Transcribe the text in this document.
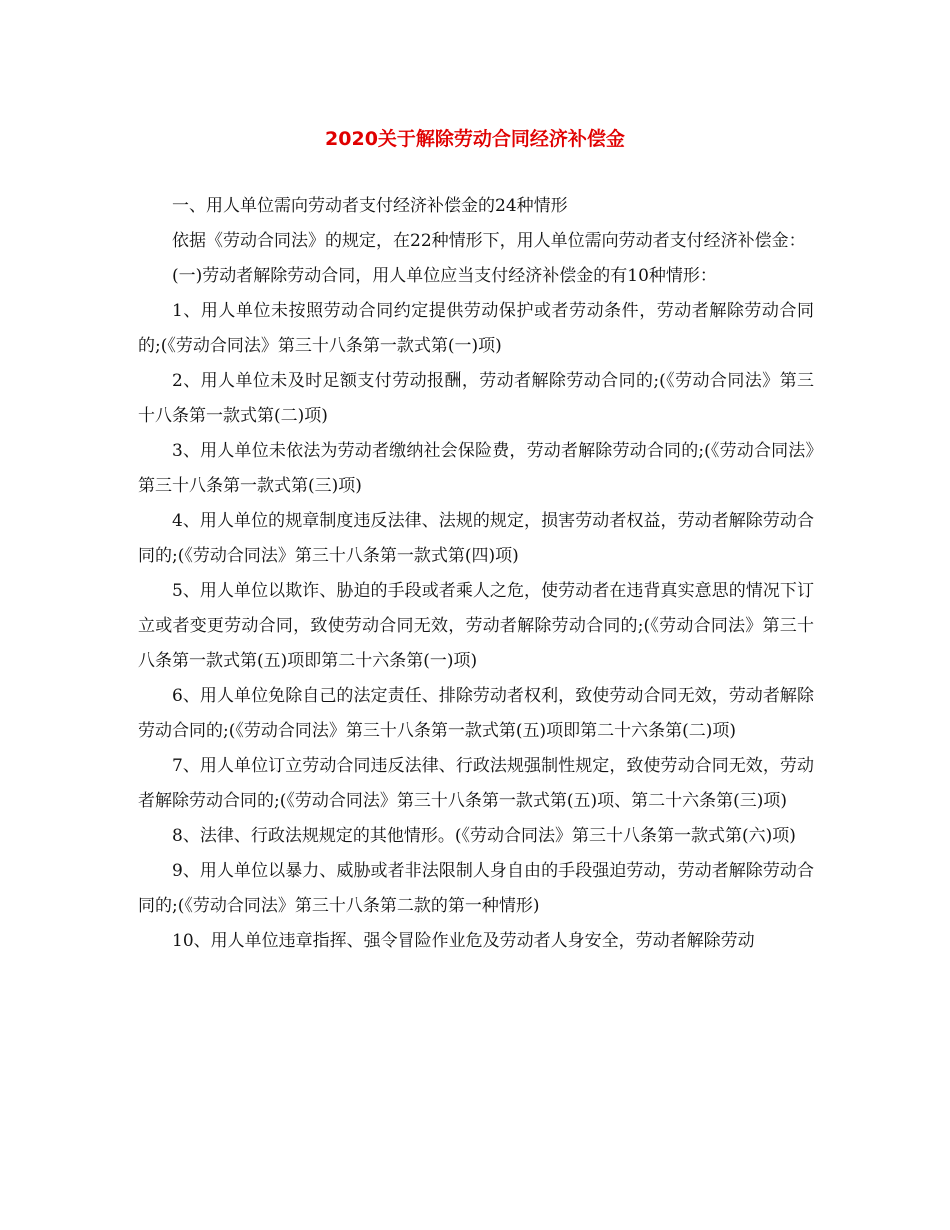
2020关于解除劳动合同经济补偿金

一、用人单位需向劳动者支付经济补偿金的24种情形

依据《劳动合同法》的规定，在22种情形下，用人单位需向劳动者支付经济补偿金：

(一)劳动者解除劳动合同，用人单位应当支付经济补偿金的有10种情形：

1、用人单位未按照劳动合同约定提供劳动保护或者劳动条件，劳动者解除劳动合同的;(《劳动合同法》第三十八条第一款式第(一)项)

2、用人单位未及时足额支付劳动报酬，劳动者解除劳动合同的;(《劳动合同法》第三十八条第一款式第(二)项)

3、用人单位未依法为劳动者缴纳社会保险费，劳动者解除劳动合同的;(《劳动合同法》第三十八条第一款式第(三)项)

4、用人单位的规章制度违反法律、法规的规定，损害劳动者权益，劳动者解除劳动合同的;(《劳动合同法》第三十八条第一款式第(四)项)

5、用人单位以欺诈、胁迫的手段或者乘人之危，使劳动者在违背真实意思的情况下订立或者变更劳动合同，致使劳动合同无效，劳动者解除劳动合同的;(《劳动合同法》第三十八条第一款式第(五)项即第二十六条第(一)项)

6、用人单位免除自己的法定责任、排除劳动者权利，致使劳动合同无效，劳动者解除劳动合同的;(《劳动合同法》第三十八条第一款式第(五)项即第二十六条第(二)项)

7、用人单位订立劳动合同违反法律、行政法规强制性规定，致使劳动合同无效，劳动者解除劳动合同的;(《劳动合同法》第三十八条第一款式第(五)项、第二十六条第(三)项)

8、法律、行政法规规定的其他情形。(《劳动合同法》第三十八条第一款式第(六)项)

9、用人单位以暴力、威胁或者非法限制人身自由的手段强迫劳动，劳动者解除劳动合同的;(《劳动合同法》第三十八条第二款的第一种情形)

10、用人单位违章指挥、强令冒险作业危及劳动者人身安全，劳动者解除劳动
